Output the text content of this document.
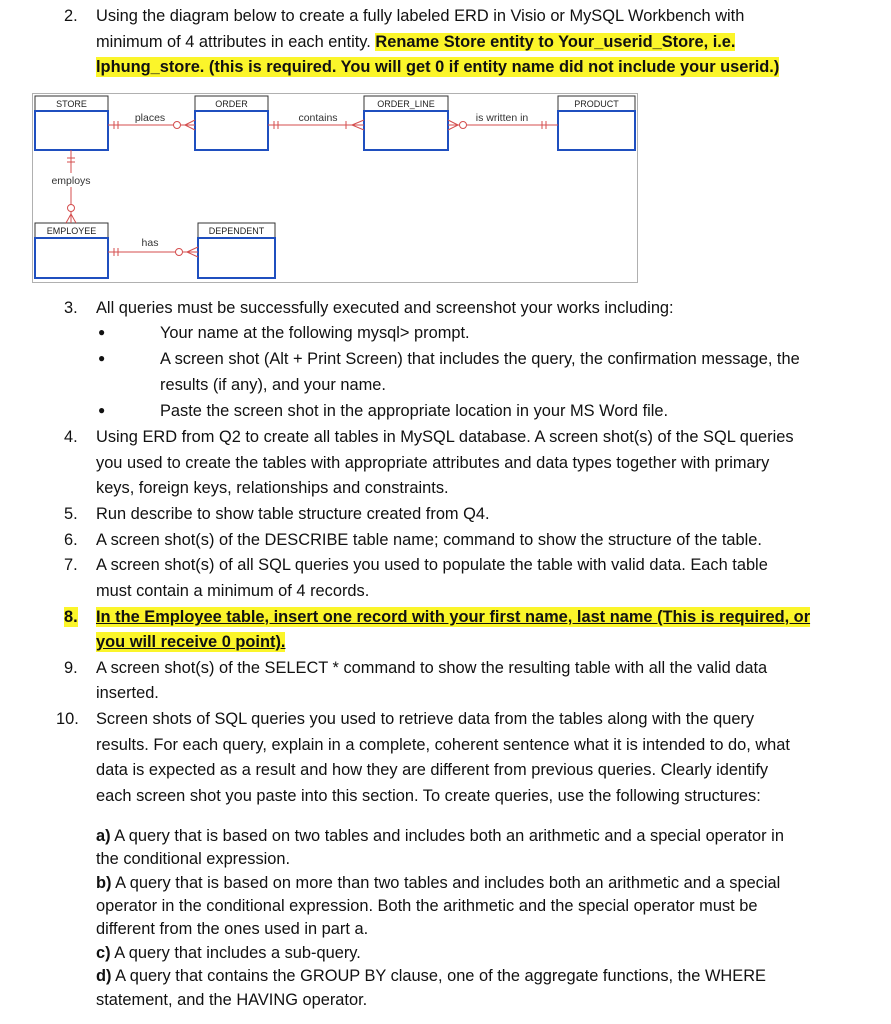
2. Using the diagram below to create a fully labeled ERD in Visio or MySQL Workbench with
minimum of 4 attributes in each entity. Rename Store entity to Your_userid_Store, i.e.
lphung_store. (this is required. You will get 0 if entity name did not include your userid.)
STORE	ORDER	ORDER_LINE	PRODUCT
EMPLOYEE	DEPENDENT
places	contains	is written in
employs
has
3. All queries must be successfully executed and screenshot your works including:
●	Your name at the following mysql> prompt.
●	A screen shot (Alt + Print Screen) that includes the query, the confirmation message, the
results (if any), and your name.
●	Paste the screen shot in the appropriate location in your MS Word file.
4. Using ERD from Q2 to create all tables in MySQL database. A screen shot(s) of the SQL queries
you used to create the tables with appropriate attributes and data types together with primary
keys, foreign keys, relationships and constraints.
5. Run describe to show table structure created from Q4.
6. A screen shot(s) of the DESCRIBE table name; command to show the structure of the table.
7. A screen shot(s) of all SQL queries you used to populate the table with valid data. Each table
must contain a minimum of 4 records.
8. In the Employee table, insert one record with your first name, last name (This is required, or
you will receive 0 point).
9. A screen shot(s) of the SELECT * command to show the resulting table with all the valid data
inserted.
10. Screen shots of SQL queries you used to retrieve data from the tables along with the query
results. For each query, explain in a complete, coherent sentence what it is intended to do, what
data is expected as a result and how they are different from previous queries. Clearly identify
each screen shot you paste into this section. To create queries, use the following structures:
a) A query that is based on two tables and includes both an arithmetic and a special operator in
the conditional expression.
b) A query that is based on more than two tables and includes both an arithmetic and a special
operator in the conditional expression. Both the arithmetic and the special operator must be
different from the ones used in part a.
c) A query that includes a sub-query.
d) A query that contains the GROUP BY clause, one of the aggregate functions, the WHERE
statement, and the HAVING operator.
